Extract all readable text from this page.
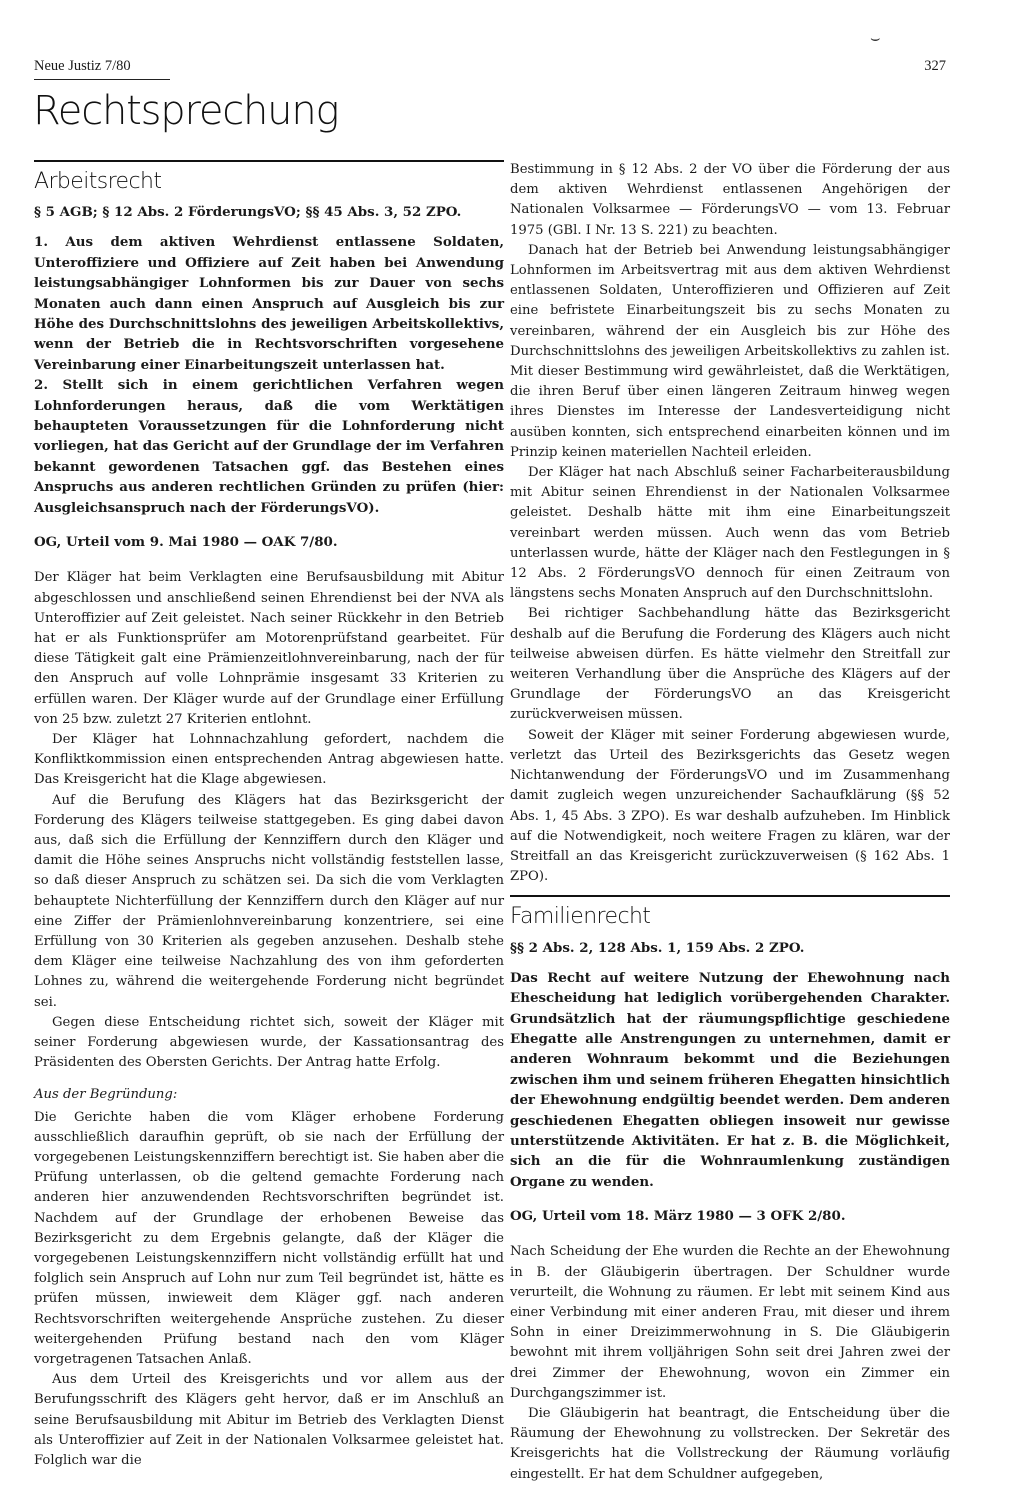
⌣
Neue Justiz 7/80	327
Rechtsprechung
Arbeitsrecht
§ 5 AGB; § 12 Abs. 2 FörderungsVO; §§ 45 Abs. 3, 52 ZPO.

1. Aus dem aktiven Wehrdienst entlassene Soldaten, Unteroffiziere und Offiziere auf Zeit haben bei Anwendung leistungsabhängiger Lohnformen bis zur Dauer von sechs Monaten auch dann einen Anspruch auf Ausgleich bis zur Höhe des Durchschnittslohns des jeweiligen Arbeitskollektivs, wenn der Betrieb die in Rechtsvorschriften vorgesehene Vereinbarung einer Einarbeitungszeit unterlassen hat.

2. Stellt sich in einem gerichtlichen Verfahren wegen Lohnforderungen heraus, daß die vom Werktätigen behaupteten Voraussetzungen für die Lohnforderung nicht vorliegen, hat das Gericht auf der Grundlage der im Verfahren bekannt gewordenen Tatsachen ggf. das Bestehen eines Anspruchs aus anderen rechtlichen Gründen zu prüfen (hier: Ausgleichsanspruch nach der FörderungsVO).

OG, Urteil vom 9. Mai 1980 — OAK 7/80.

Der Kläger hat beim Verklagten eine Berufsausbildung mit Abitur abgeschlossen und anschließend seinen Ehrendienst bei der NVA als Unteroffizier auf Zeit geleistet. Nach seiner Rückkehr in den Betrieb hat er als Funktionsprüfer am Motorenprüfstand gearbeitet. Für diese Tätigkeit galt eine Prämienzeitlohnvereinbarung, nach der für den Anspruch auf volle Lohnprämie insgesamt 33 Kriterien zu erfüllen waren. Der Kläger wurde auf der Grundlage einer Erfüllung von 25 bzw. zuletzt 27 Kriterien entlohnt.

Der Kläger hat Lohnnachzahlung gefordert, nachdem die Konfliktkommission einen entsprechenden Antrag abgewiesen hatte. Das Kreisgericht hat die Klage abgewiesen.

Auf die Berufung des Klägers hat das Bezirksgericht der Forderung des Klägers teilweise stattgegeben. Es ging dabei davon aus, daß sich die Erfüllung der Kennziffern durch den Kläger und damit die Höhe seines Anspruchs nicht vollständig feststellen lasse, so daß dieser Anspruch zu schätzen sei. Da sich die vom Verklagten behauptete Nichterfüllung der Kennziffern durch den Kläger auf nur eine Ziffer der Prämienlohnvereinbarung konzentriere, sei eine Erfüllung von 30 Kriterien als gegeben anzusehen. Deshalb stehe dem Kläger eine teilweise Nachzahlung des von ihm geforderten Lohnes zu, während die weitergehende Forderung nicht begründet sei.

Gegen diese Entscheidung richtet sich, soweit der Kläger mit seiner Forderung abgewiesen wurde, der Kassationsantrag des Präsidenten des Obersten Gerichts. Der Antrag hatte Erfolg.

Aus der Begründung:

Die Gerichte haben die vom Kläger erhobene Forderung ausschließlich daraufhin geprüft, ob sie nach der Erfüllung der vorgegebenen Leistungskennziffern berechtigt ist. Sie haben aber die Prüfung unterlassen, ob die geltend gemachte Forderung nach anderen hier anzuwendenden Rechtsvorschriften begründet ist. Nachdem auf der Grundlage der erhobenen Beweise das Bezirksgericht zu dem Ergebnis gelangte, daß der Kläger die vorgegebenen Leistungskennziffern nicht vollständig erfüllt hat und folglich sein Anspruch auf Lohn nur zum Teil begründet ist, hätte es prüfen müssen, inwieweit dem Kläger ggf. nach anderen Rechtsvorschriften weitergehende Ansprüche zustehen. Zu dieser weitergehenden Prüfung bestand nach den vom Kläger vorgetragenen Tatsachen Anlaß.

Aus dem Urteil des Kreisgerichts und vor allem aus der Berufungsschrift des Klägers geht hervor, daß er im Anschluß an seine Berufsausbildung mit Abitur im Betrieb des Verklagten Dienst als Unteroffizier auf Zeit in der Nationalen Volksarmee geleistet hat. Folglich war die

Bestimmung in § 12 Abs. 2 der VO über die Förderung der aus dem aktiven Wehrdienst entlassenen Angehörigen der Nationalen Volksarmee — FörderungsVO — vom 13. Februar 1975 (GBl. I Nr. 13 S. 221) zu beachten.

Danach hat der Betrieb bei Anwendung leistungsabhängiger Lohnformen im Arbeitsvertrag mit aus dem aktiven Wehrdienst entlassenen Soldaten, Unteroffizieren und Offizieren auf Zeit eine befristete Einarbeitungszeit bis zu sechs Monaten zu vereinbaren, während der ein Ausgleich bis zur Höhe des Durchschnittslohns des jeweiligen Arbeitskollektivs zu zahlen ist. Mit dieser Bestimmung wird gewährleistet, daß die Werktätigen, die ihren Beruf über einen längeren Zeitraum hinweg wegen ihres Dienstes im Interesse der Landesverteidigung nicht ausüben konnten, sich entsprechend einarbeiten können und im Prinzip keinen materiellen Nachteil erleiden.

Der Kläger hat nach Abschluß seiner Facharbeiterausbildung mit Abitur seinen Ehrendienst in der Nationalen Volksarmee geleistet. Deshalb hätte mit ihm eine Einarbeitungszeit vereinbart werden müssen. Auch wenn das vom Betrieb unterlassen wurde, hätte der Kläger nach den Festlegungen in § 12 Abs. 2 FörderungsVO dennoch für einen Zeitraum von längstens sechs Monaten Anspruch auf den Durchschnittslohn.

Bei richtiger Sachbehandlung hätte das Bezirksgericht deshalb auf die Berufung die Forderung des Klägers auch nicht teilweise abweisen dürfen. Es hätte vielmehr den Streitfall zur weiteren Verhandlung über die Ansprüche des Klägers auf der Grundlage der FörderungsVO an das Kreisgericht zurückverweisen müssen.

Soweit der Kläger mit seiner Forderung abgewiesen wurde, verletzt das Urteil des Bezirksgerichts das Gesetz wegen Nichtanwendung der FörderungsVO und im Zusammenhang damit zugleich wegen unzureichender Sachaufklärung (§§ 52 Abs. 1, 45 Abs. 3 ZPO). Es war deshalb aufzuheben. Im Hinblick auf die Notwendigkeit, noch weitere Fragen zu klären, war der Streitfall an das Kreisgericht zurückzuverweisen (§ 162 Abs. 1 ZPO).

Familienrecht
§§ 2 Abs. 2, 128 Abs. 1, 159 Abs. 2 ZPO.

Das Recht auf weitere Nutzung der Ehewohnung nach Ehescheidung hat lediglich vorübergehenden Charakter. Grundsätzlich hat der räumungspflichtige geschiedene Ehegatte alle Anstrengungen zu unternehmen, damit er anderen Wohnraum bekommt und die Beziehungen zwischen ihm und seinem früheren Ehegatten hinsichtlich der Ehewohnung endgültig beendet werden. Dem anderen geschiedenen Ehegatten obliegen insoweit nur gewisse unterstützende Aktivitäten. Er hat z. B. die Möglichkeit, sich an die für die Wohnraumlenkung zuständigen Organe zu wenden.

OG, Urteil vom 18. März 1980 — 3 OFK 2/80.

Nach Scheidung der Ehe wurden die Rechte an der Ehewohnung in B. der Gläubigerin übertragen. Der Schuldner wurde verurteilt, die Wohnung zu räumen. Er lebt mit seinem Kind aus einer Verbindung mit einer anderen Frau, mit dieser und ihrem Sohn in einer Dreizimmerwohnung in S. Die Gläubigerin bewohnt mit ihrem volljährigen Sohn seit drei Jahren zwei der drei Zimmer der Ehewohnung, wovon ein Zimmer ein Durchgangszimmer ist.

Die Gläubigerin hat beantragt, die Entscheidung über die Räumung der Ehewohnung zu vollstrecken. Der Sekretär des Kreisgerichts hat die Vollstreckung der Räumung vorläufig eingestellt. Er hat dem Schuldner aufgegeben,
